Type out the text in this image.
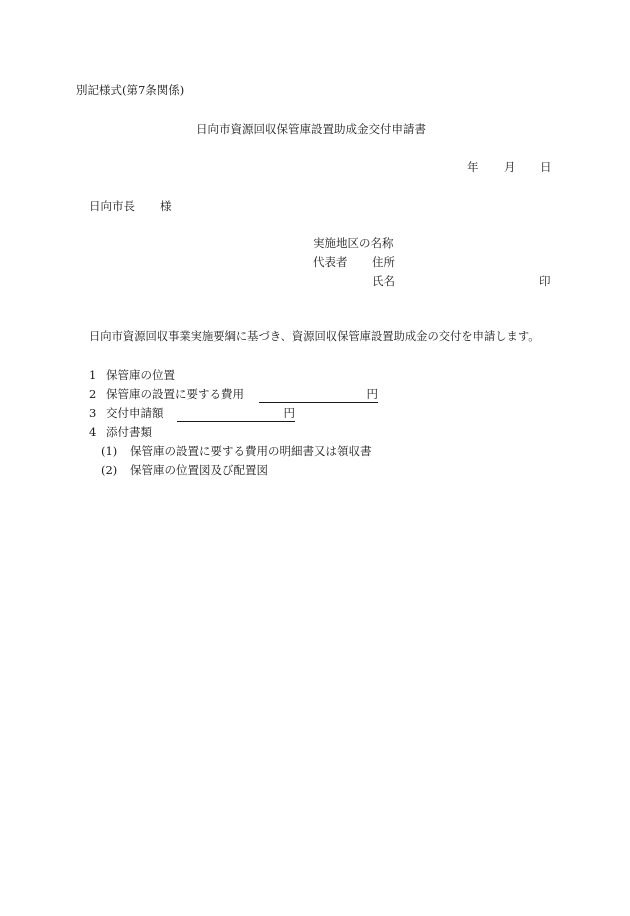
別記様式(第7条関係)
日向市資源回収保管庫設置助成金交付申請書
年 月 日
日向市長 様
実施地区の名称
代表者 住所
氏名	印
日向市資源回収事業実施要綱に基づき、資源回収保管庫設置助成金の交付を申請します。
1 保管庫の位置
2 保管庫の設置に要する費用	円
3 交付申請額	円
4 添付書類
(1) 保管庫の設置に要する費用の明細書又は領収書
(2) 保管庫の位置図及び配置図
